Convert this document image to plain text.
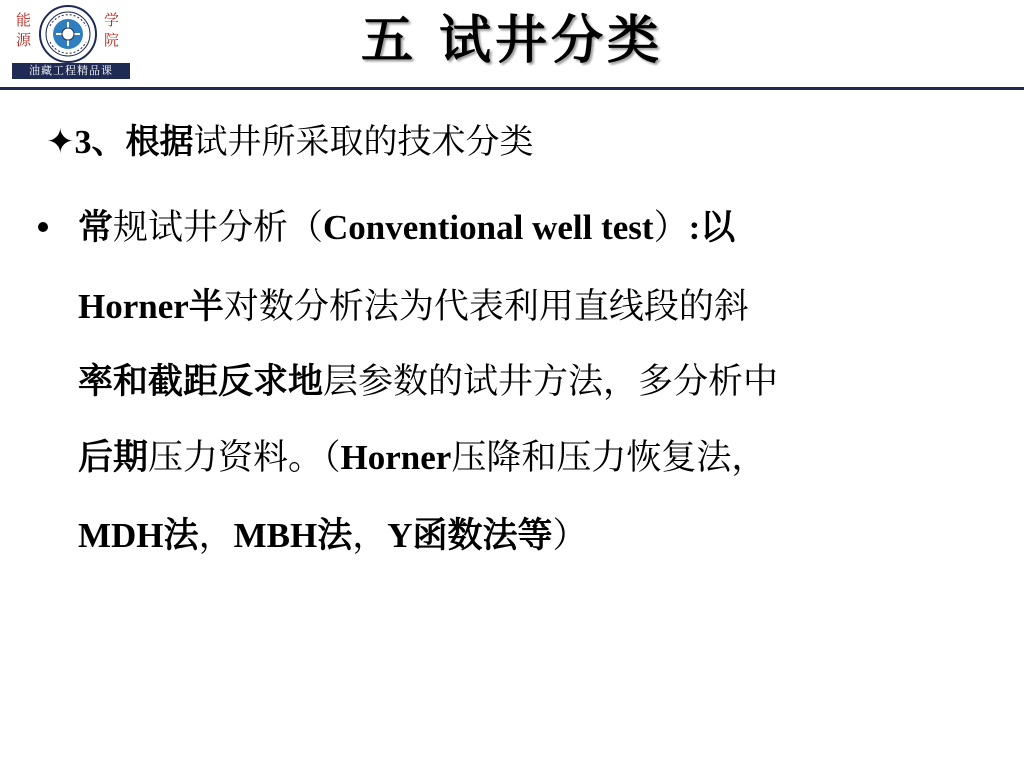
能
源
学
院
油藏工程精品课	五 试井分类
✦3、根据试井所采取的技术分类
常规试井分析（Conventional well test）:以
Horner半对数分析法为代表利用直线段的斜
率和截距反求地层参数的试井方法，多分析中
后期压力资料。（Horner压降和压力恢复法，
MDH法，MBH法，Y函数法等）
